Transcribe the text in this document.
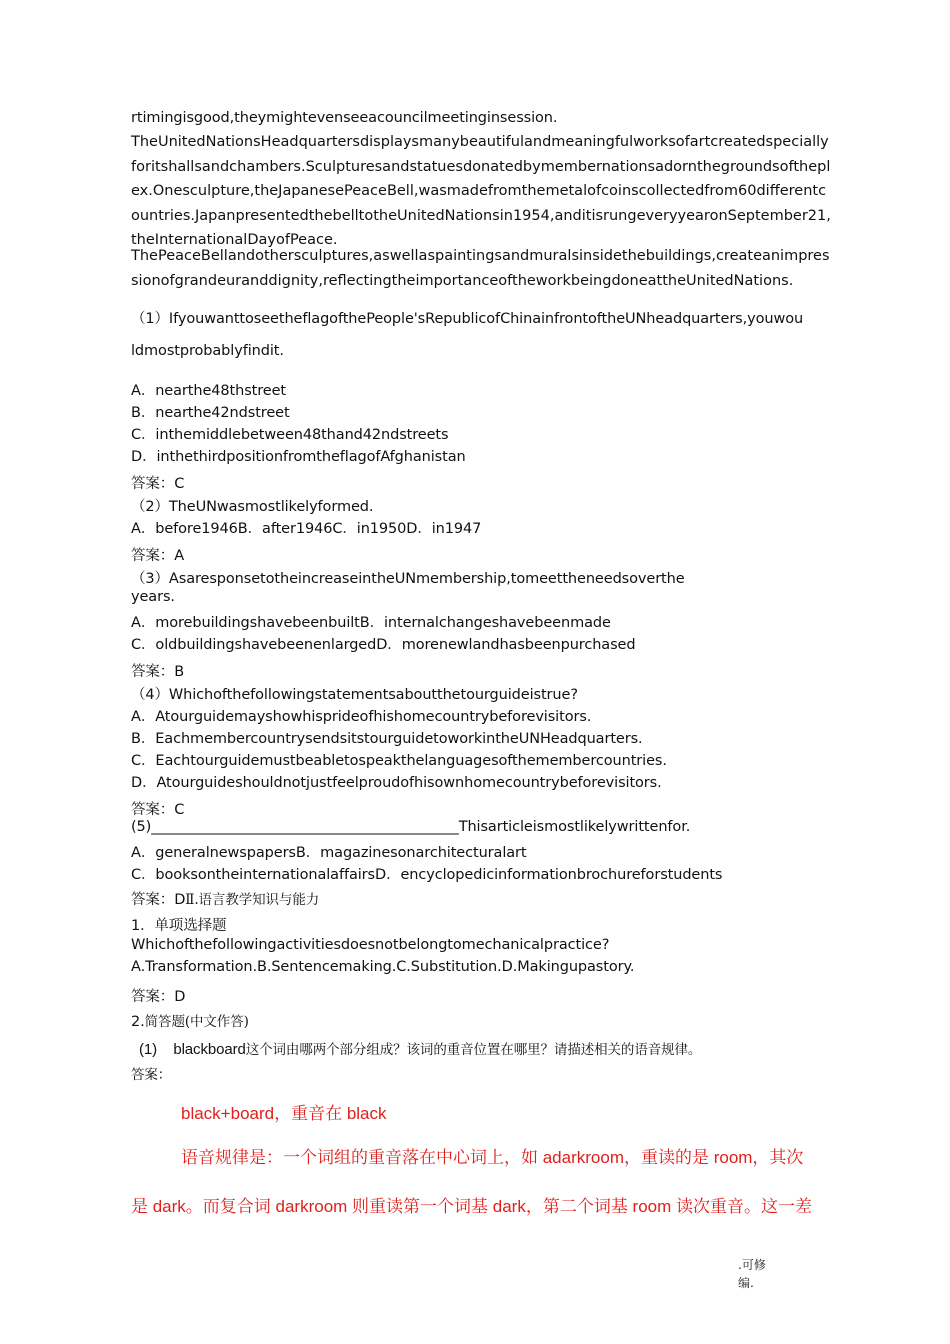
rtimingisgood,theymightevenseeacouncilmeetinginsession.
TheUnitedNationsHeadquartersdisplaysmanybeautifulandmeaningfulworksofartcreatedspeciallyforitshallsandchambers.Sculpturesandstatuesdonatedbymembernationsadornthegroundsoftheplex.Onesculpture,theJapanesePeaceBell,wasmadefromthemetalofcoinscollectedfrom60differentcountries.JapanpresentedthebelltotheUnitedNationsin1954,anditisrungeveryyearonSeptember21,theInternationalDayofPeace.
ThePeaceBellandothersculptures,aswellaspaintingsandmuralsinsidethebuildings,createanimpressionofgrandeuranddignity,reflectingtheimportanceoftheworkbeingdoneattheUnitedNations.
（1）IfyouwanttoseetheflagofthePeople'sRepublicofChinainfrontoftheUNheadquarters,youwou
ldmostprobablyfindit.
A．nearthe48thstreet
B．nearthe42ndstreet
C．inthemiddlebetween48thand42ndstreets
D．inthethirdpositionfromtheflagofAfghanistan
答案：C
（2）TheUNwasmostlikelyformed.
A．before1946B．after1946C．in1950D．in1947
答案：A
（3）AsaresponsetotheincreaseintheUNmembership,tomeettheneedsoverthe
years.
A．morebuildingshavebeenbuiltB．internalchangeshavebeenmade
C．oldbuildingshavebeenenlargedD．morenewlandhasbeenpurchased
答案：B
（4）Whichofthefollowingstatementsaboutthetourguideistrue?
A．Atourguidemayshowhisprideofhishomecountrybeforevisitors.
B．EachmembercountrysendsitstourguidetoworkintheUNHeadquarters.
C．Eachtourguidemustbeabletospeakthelanguagesofthemembercountries.
D．Atourguideshouldnotjustfeelproudofhisownhomecountrybeforevisitors.
答案：C
(5)___________________________________________Thisarticleismostlikelywrittenfor.
A．generalnewspapersB．magazinesonarchitecturalart
C．booksontheinternationalaffairsD．encyclopedicinformationbrochureforstudents
答案：DⅡ.语言教学知识与能力
1．单项选择题
Whichofthefollowingactivitiesdoesnotbelongtomechanicalpractice?
A.Transformation.B.Sentencemaking.C.Substitution.D.Makingupastory.
答案：D
2.简答题(中文作答)
(1) blackboard这个词由哪两个部分组成？该词的重音位置在哪里？请描述相关的语音规律。
答案：
black+board，重音在 black
语音规律是：一个词组的重音落在中心词上，如 adarkroom，重读的是 room，其次
是 dark。而复合词 darkroom 则重读第一个词基 dark，第二个词基 room 读次重音。这一差
.可修
编.
